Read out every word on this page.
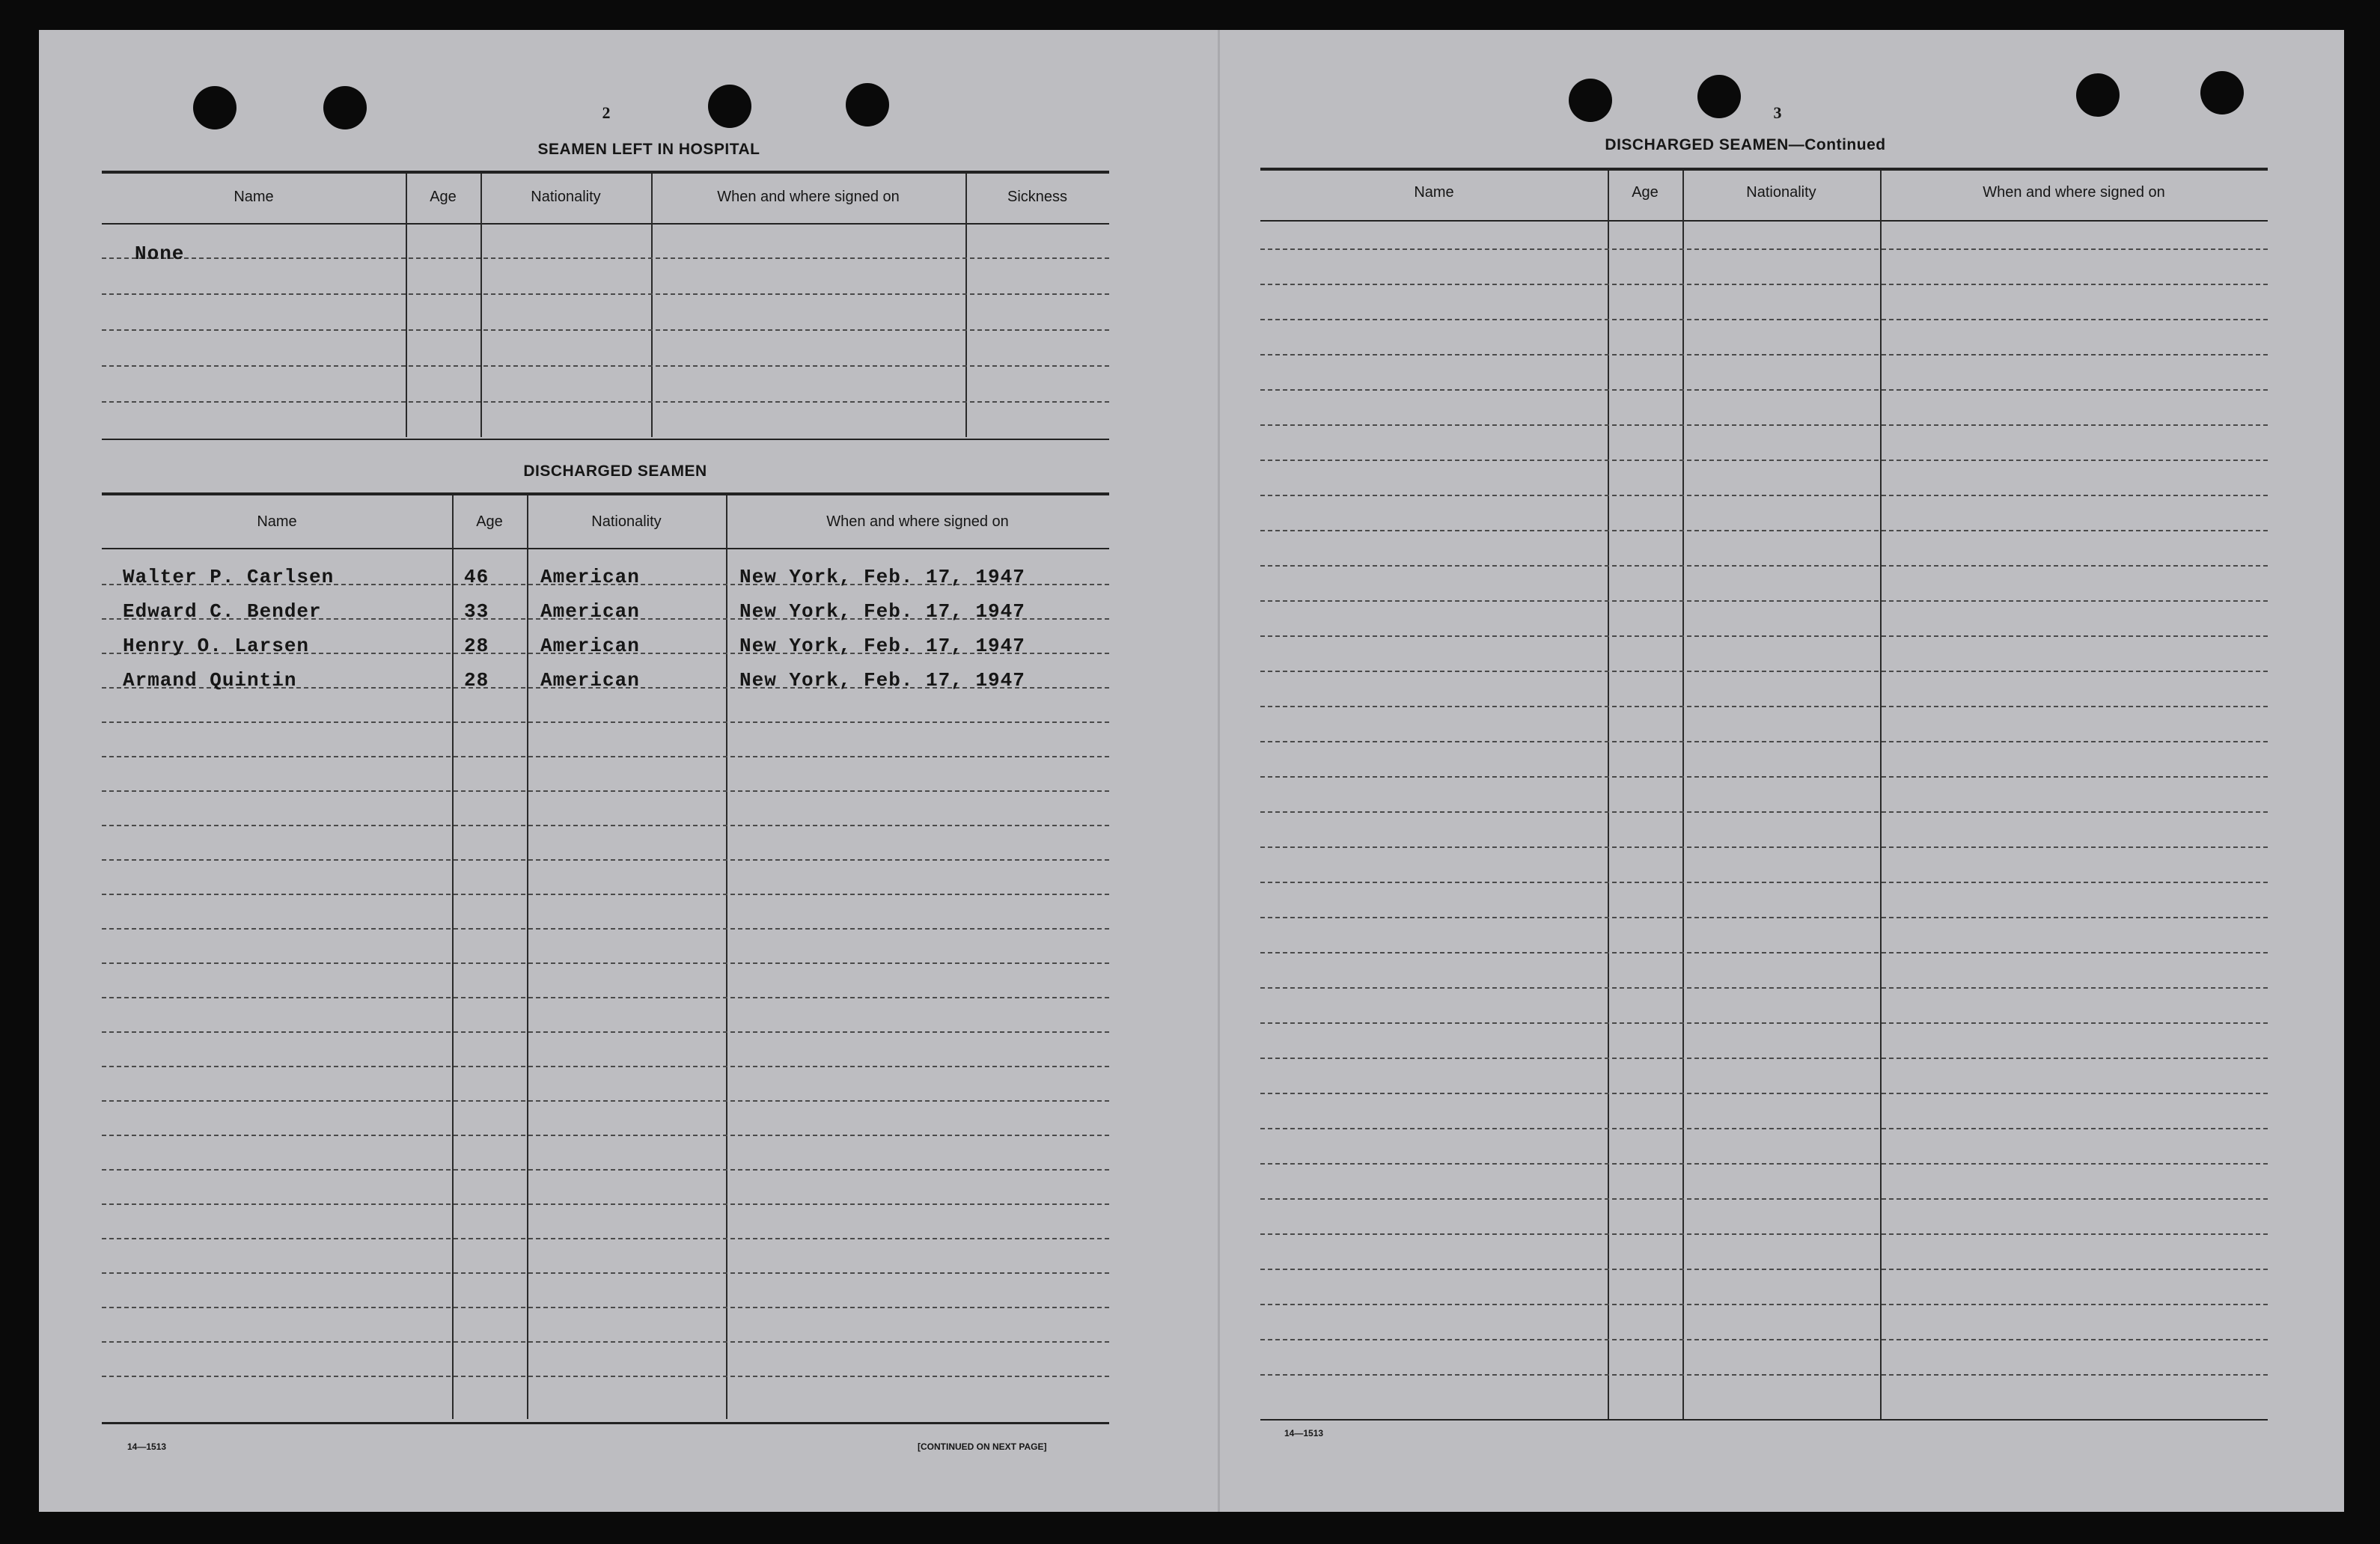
2
SEAMEN LEFT IN HOSPITAL
Name	Age	Nationality	When and where signed on	Sickness
None
DISCHARGED SEAMEN
Name	Age	Nationality	When and where signed on
Walter P. Carlsen	46	American	New York, Feb. 17, 1947
Edward C. Bender	33	American	New York, Feb. 17, 1947
Henry O. Larsen	28	American	New York, Feb. 17, 1947
Armand Quintin	28	American	New York, Feb. 17, 1947
14—1513	[CONTINUED ON NEXT PAGE]
3
DISCHARGED SEAMEN—Continued
Name	Age	Nationality	When and where signed on
14—1513
